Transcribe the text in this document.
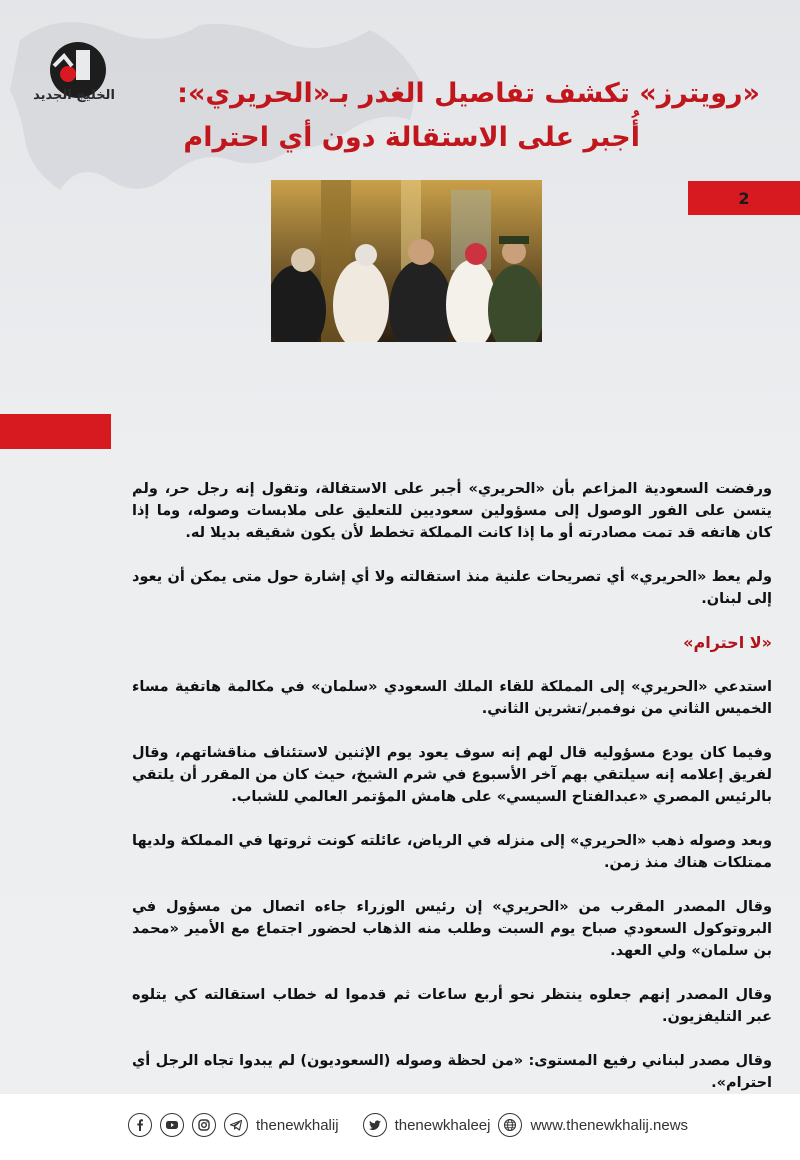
الخليج الجديد	«رويترز» تكشف تفاصيل الغدر بـ«الحريري»:
أُجبر على الاستقالة دون أي احترام
2

ورفضت السعودية المزاعم بأن «الحريري» أجبر على الاستقالة، وتقول إنه رجل حر، ولم يتسن على الفور الوصول إلى مسؤولين سعوديين للتعليق على ملابسات وصوله، وما إذا كان هاتفه قد تمت مصادرته أو ما إذا كانت المملكة تخطط لأن يكون شقيقه بديلا له.

ولم يعط «الحريري» أي تصريحات علنية منذ استقالته ولا أي إشارة حول متى يمكن أن يعود إلى لبنان.

«لا احترام»

استدعي «الحريري» إلى المملكة للقاء الملك السعودي «سلمان» في مكالمة هاتفية مساء الخميس الثاني من نوفمبر/تشرين الثاني.

وفيما كان يودع مسؤوليه قال لهم إنه سوف يعود يوم الإثنين لاستئناف مناقشاتهم، وقال لفريق إعلامه إنه سيلتقي بهم آخر الأسبوع في شرم الشيخ، حيث كان من المقرر أن يلتقي بالرئيس المصري «عبدالفتاح السيسي» على هامش المؤتمر العالمي للشباب.

وبعد وصوله ذهب «الحريري» إلى منزله في الرياض، عائلته كونت ثروتها في المملكة ولديها ممتلكات هناك منذ زمن.

وقال المصدر المقرب من «الحريري» إن رئيس الوزراء جاءه اتصال من مسؤول في البروتوكول السعودي صباح يوم السبت وطلب منه الذهاب لحضور اجتماع مع الأمير «محمد بن سلمان» ولي العهد.

وقال المصدر إنهم جعلوه ينتظر نحو أربع ساعات ثم قدموا له خطاب استقالته كي يتلوه عبر التليفزيون.

وقال مصدر لبناني رفيع المستوى: «من لحظة وصوله (السعوديون) لم يبدوا تجاه الرجل أي احترام».

thenewkhalij	thenewkhaleej	www.thenewkhalij.news
